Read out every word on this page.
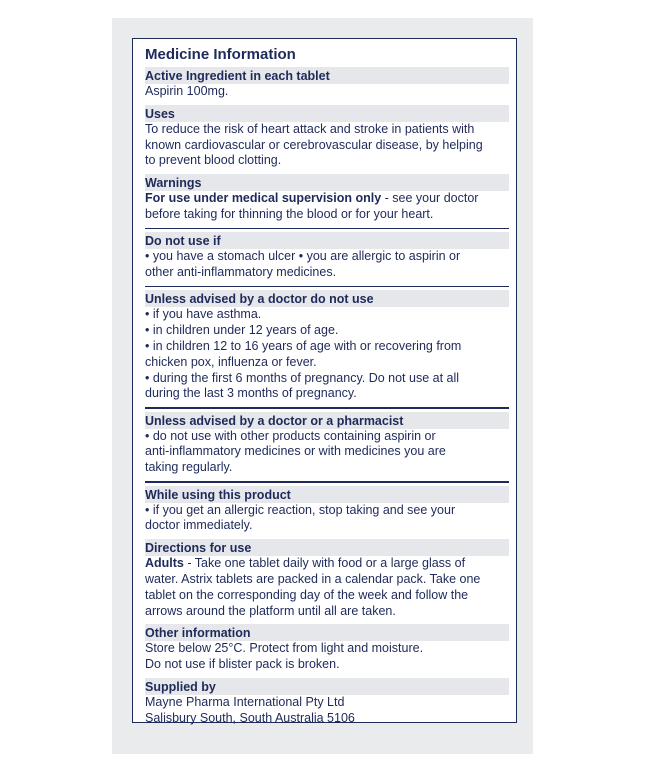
Medicine Information
Active Ingredient in each tablet

Aspirin 100mg.

Uses

To reduce the risk of heart attack and stroke in patients with

known cardiovascular or cerebrovascular disease, by helping

to prevent blood clotting.

Warnings

For use under medical supervision only - see your doctor

before taking for thinning the blood or for your heart.

Do not use if

• you have a stomach ulcer • you are allergic to aspirin or

other anti-inflammatory medicines.

Unless advised by a doctor do not use

• if you have asthma.

• in children under 12 years of age.

• in children 12 to 16 years of age with or recovering from

chicken pox, influenza or fever.

• during the first 6 months of pregnancy. Do not use at all

during the last 3 months of pregnancy.

Unless advised by a doctor or a pharmacist

• do not use with other products containing aspirin or

anti-inflammatory medicines or with medicines you are

taking regularly.

While using this product

• if you get an allergic reaction, stop taking and see your

doctor immediately.

Directions for use

Adults - Take one tablet daily with food or a large glass of

water. Astrix tablets are packed in a calendar pack. Take one

tablet on the corresponding day of the week and follow the

arrows around the platform until all are taken.

Other information

Store below 25°C. Protect from light and moisture.

Do not use if blister pack is broken.

Supplied by

Mayne Pharma International Pty Ltd

Salisbury South, South Australia 5106
